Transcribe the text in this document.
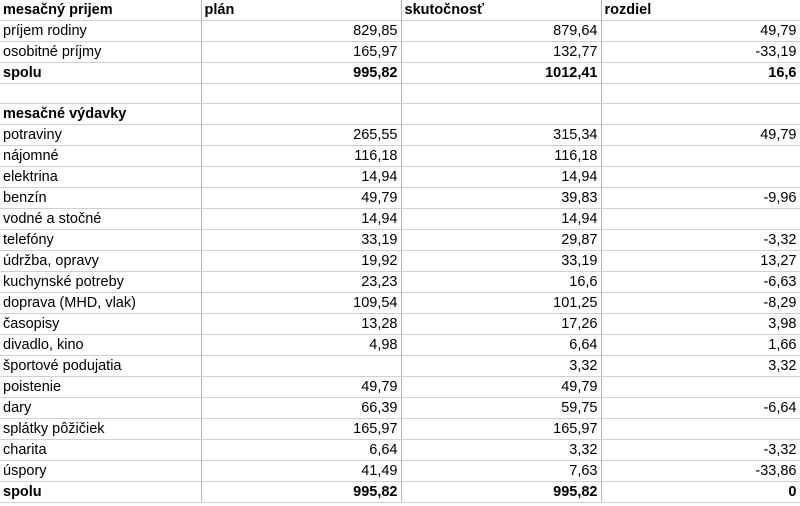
mesačný prijem	plán	skutočnosť	rozdiel
príjem rodiny	829,85	879,64	49,79
osobitné príjmy	165,97	132,77	-33,19
spolu	995,82	1012,41	16,6

mesačné výdavky			
potraviny	265,55	315,34	49,79
nájomné	116,18	116,18	
elektrina	14,94	14,94	
benzín	49,79	39,83	-9,96
vodné a stočné	14,94	14,94	
telefóny	33,19	29,87	-3,32
údržba, opravy	19,92	33,19	13,27
kuchynské potreby	23,23	16,6	-6,63
doprava (MHD, vlak)	109,54	101,25	-8,29
časopisy	13,28	17,26	3,98
divadlo, kino	4,98	6,64	1,66
športové podujatia		3,32	3,32
poistenie	49,79	49,79	
dary	66,39	59,75	-6,64
splátky pôžičiek	165,97	165,97	
charita	6,64	3,32	-3,32
úspory	41,49	7,63	-33,86
spolu	995,82	995,82	0
